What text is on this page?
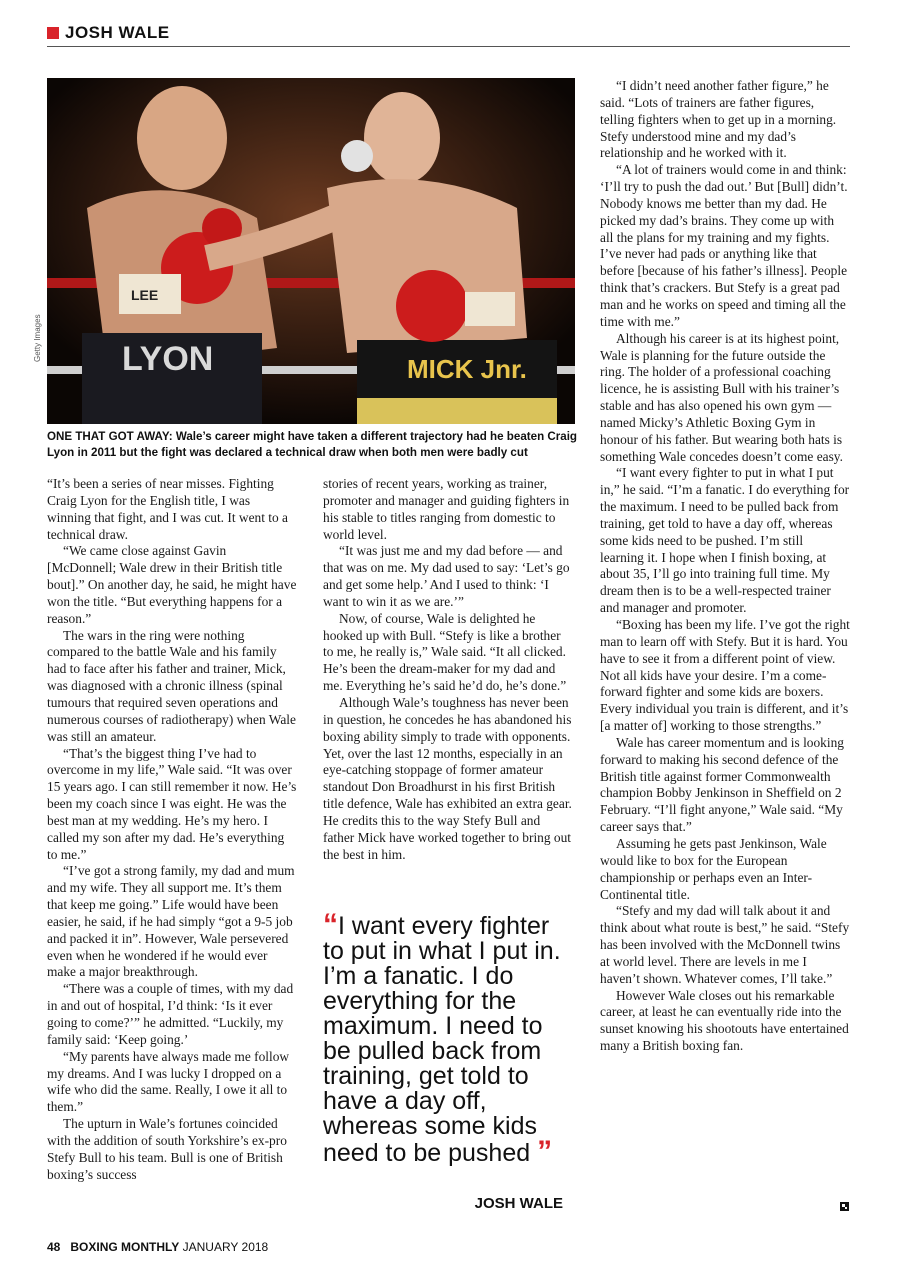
JOSH WALE
LYON
LEE
MICK Jnr.
Getty Images
ONE THAT GOT AWAY: Wale’s career might have taken a different trajectory had he beaten Craig Lyon in 2011 but the fight was declared a technical draw when both men were badly cut

“It’s been a series of near misses. Fighting Craig Lyon for the English title, I was winning that fight, and I was cut. It went to a technical draw.

“We came close against Gavin [McDonnell; Wale drew in their British title bout].” On another day, he said, he might have won the title. “But everything happens for a reason.”

The wars in the ring were nothing compared to the battle Wale and his family had to face after his father and trainer, Mick, was diagnosed with a chronic illness (spinal tumours that required seven operations and numerous courses of radiotherapy) when Wale was still an amateur.

“That’s the biggest thing I’ve had to overcome in my life,” Wale said. “It was over 15 years ago. I can still remember it now. He’s been my coach since I was eight. He was the best man at my wedding. He’s my hero. I called my son after my dad. He’s everything to me.”

“I’ve got a strong family, my dad and mum and my wife. They all support me. It’s them that keep me going.” Life would have been easier, he said, if he had simply “got a 9-5 job and packed it in”. However, Wale persevered even when he wondered if he would ever make a major breakthrough.

“There was a couple of times, with my dad in and out of hospital, I’d think: ‘Is it ever going to come?’” he admitted. “Luckily, my family said: ‘Keep going.’

“My parents have always made me follow my dreams. And I was lucky I dropped on a wife who did the same. Really, I owe it all to them.”

The upturn in Wale’s fortunes coincided with the addition of south Yorkshire’s ex-pro Stefy Bull to his team. Bull is one of British boxing’s success

stories of recent years, working as trainer, promoter and manager and guiding fighters in his stable to titles ranging from domestic to world level.

“It was just me and my dad before — and that was on me. My dad used to say: ‘Let’s go and get some help.’ And I used to think: ‘I want to win it as we are.’”

Now, of course, Wale is delighted he hooked up with Bull. “Stefy is like a brother to me, he really is,” Wale said. “It all clicked. He’s been the dream-maker for my dad and me. Everything he’s said he’d do, he’s done.”

Although Wale’s toughness has never been in question, he concedes he has abandoned his boxing ability simply to trade with opponents. Yet, over the last 12 months, especially in an eye-catching stoppage of former amateur standout Don Broadhurst in his first British title defence, Wale has exhibited an extra gear. He credits this to the way Stefy Bull and father Mick have worked together to bring out the best in him.

“I want every fighter to put in what I put in. I’m a fanatic. I do everything for the maximum. I need to be pulled back from training, get told to have a day off, whereas some kids need to be pushed ”
JOSH WALE

“I didn’t need another father figure,” he said. “Lots of trainers are father figures, telling fighters when to get up in a morning. Stefy understood mine and my dad’s relationship and he worked with it.

“A lot of trainers would come in and think: ‘I’ll try to push the dad out.’ But [Bull] didn’t. Nobody knows me better than my dad. He picked my dad’s brains. They come up with all the plans for my training and my fights. I’ve never had pads or anything like that before [because of his father’s illness]. People think that’s crackers. But Stefy is a great pad man and he works on speed and timing all the time with me.”

Although his career is at its highest point, Wale is planning for the future outside the ring. The holder of a professional coaching licence, he is assisting Bull with his trainer’s stable and has also opened his own gym — named Micky’s Athletic Boxing Gym in honour of his father. But wearing both hats is something Wale concedes doesn’t come easy.

“I want every fighter to put in what I put in,” he said. “I’m a fanatic. I do everything for the maximum. I need to be pulled back from training, get told to have a day off, whereas some kids need to be pushed. I’m still learning it. I hope when I finish boxing, at about 35, I’ll go into training full time. My dream then is to be a well-respected trainer and manager and promoter.

“Boxing has been my life. I’ve got the right man to learn off with Stefy. But it is hard. You have to see it from a different point of view. Not all kids have your desire. I’m a come-forward fighter and some kids are boxers. Every individual you train is different, and it’s [a matter of] working to those strengths.”

Wale has career momentum and is looking forward to making his second defence of the British title against former Commonwealth champion Bobby Jenkinson in Sheffield on 2 February. “I’ll fight anyone,” Wale said. “My career says that.”

Assuming he gets past Jenkinson, Wale would like to box for the European championship or perhaps even an Inter-Continental title.

“Stefy and my dad will talk about it and think about what route is best,” he said. “Stefy has been involved with the McDonnell twins at world level. There are levels in me I haven’t shown. Whatever comes, I’ll take.”

However Wale closes out his remarkable career, at least he can eventually ride into the sunset knowing his shootouts have entertained many a British boxing fan.

48 BOXING MONTHLY JANUARY 2018
